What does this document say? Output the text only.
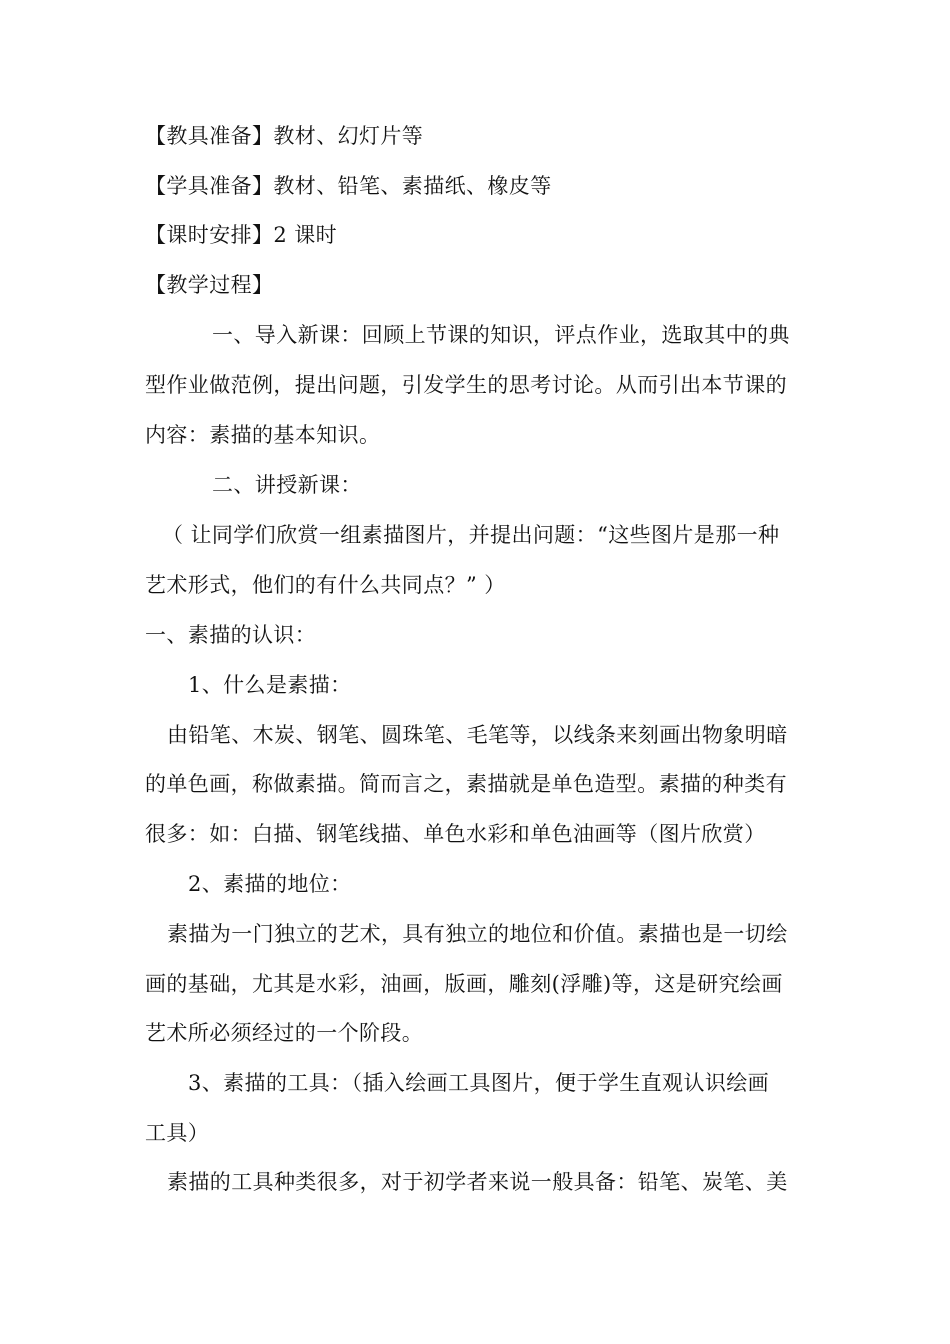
【教具准备】教材、幻灯片等
【学具准备】教材、铅笔、素描纸、橡皮等
【课时安排】2 课时
【教学过程】
一、导入新课：回顾上节课的知识，评点作业，选取其中的典
型作业做范例，提出问题，引发学生的思考讨论。从而引出本节课的
内容：素描的基本知识。
二、讲授新课：
（ 让同学们欣赏一组素描图片，并提出问题：“这些图片是那一种
艺术形式，他们的有什么共同点？” ）
一、素描的认识：
1、什么是素描：
由铅笔、木炭、钢笔、圆珠笔、毛笔等，以线条来刻画出物象明暗
的单色画，称做素描。简而言之，素描就是单色造型。素描的种类有
很多：如：白描、钢笔线描、单色水彩和单色油画等（图片欣赏）
2、素描的地位：
素描为一门独立的艺术，具有独立的地位和价值。素描也是一切绘
画的基础，尤其是水彩，油画，版画，雕刻(浮雕)等，这是研究绘画
艺术所必须经过的一个阶段。
3、素描的工具：（插入绘画工具图片，便于学生直观认识绘画
工具）
素描的工具种类很多，对于初学者来说一般具备：铅笔、炭笔、美
